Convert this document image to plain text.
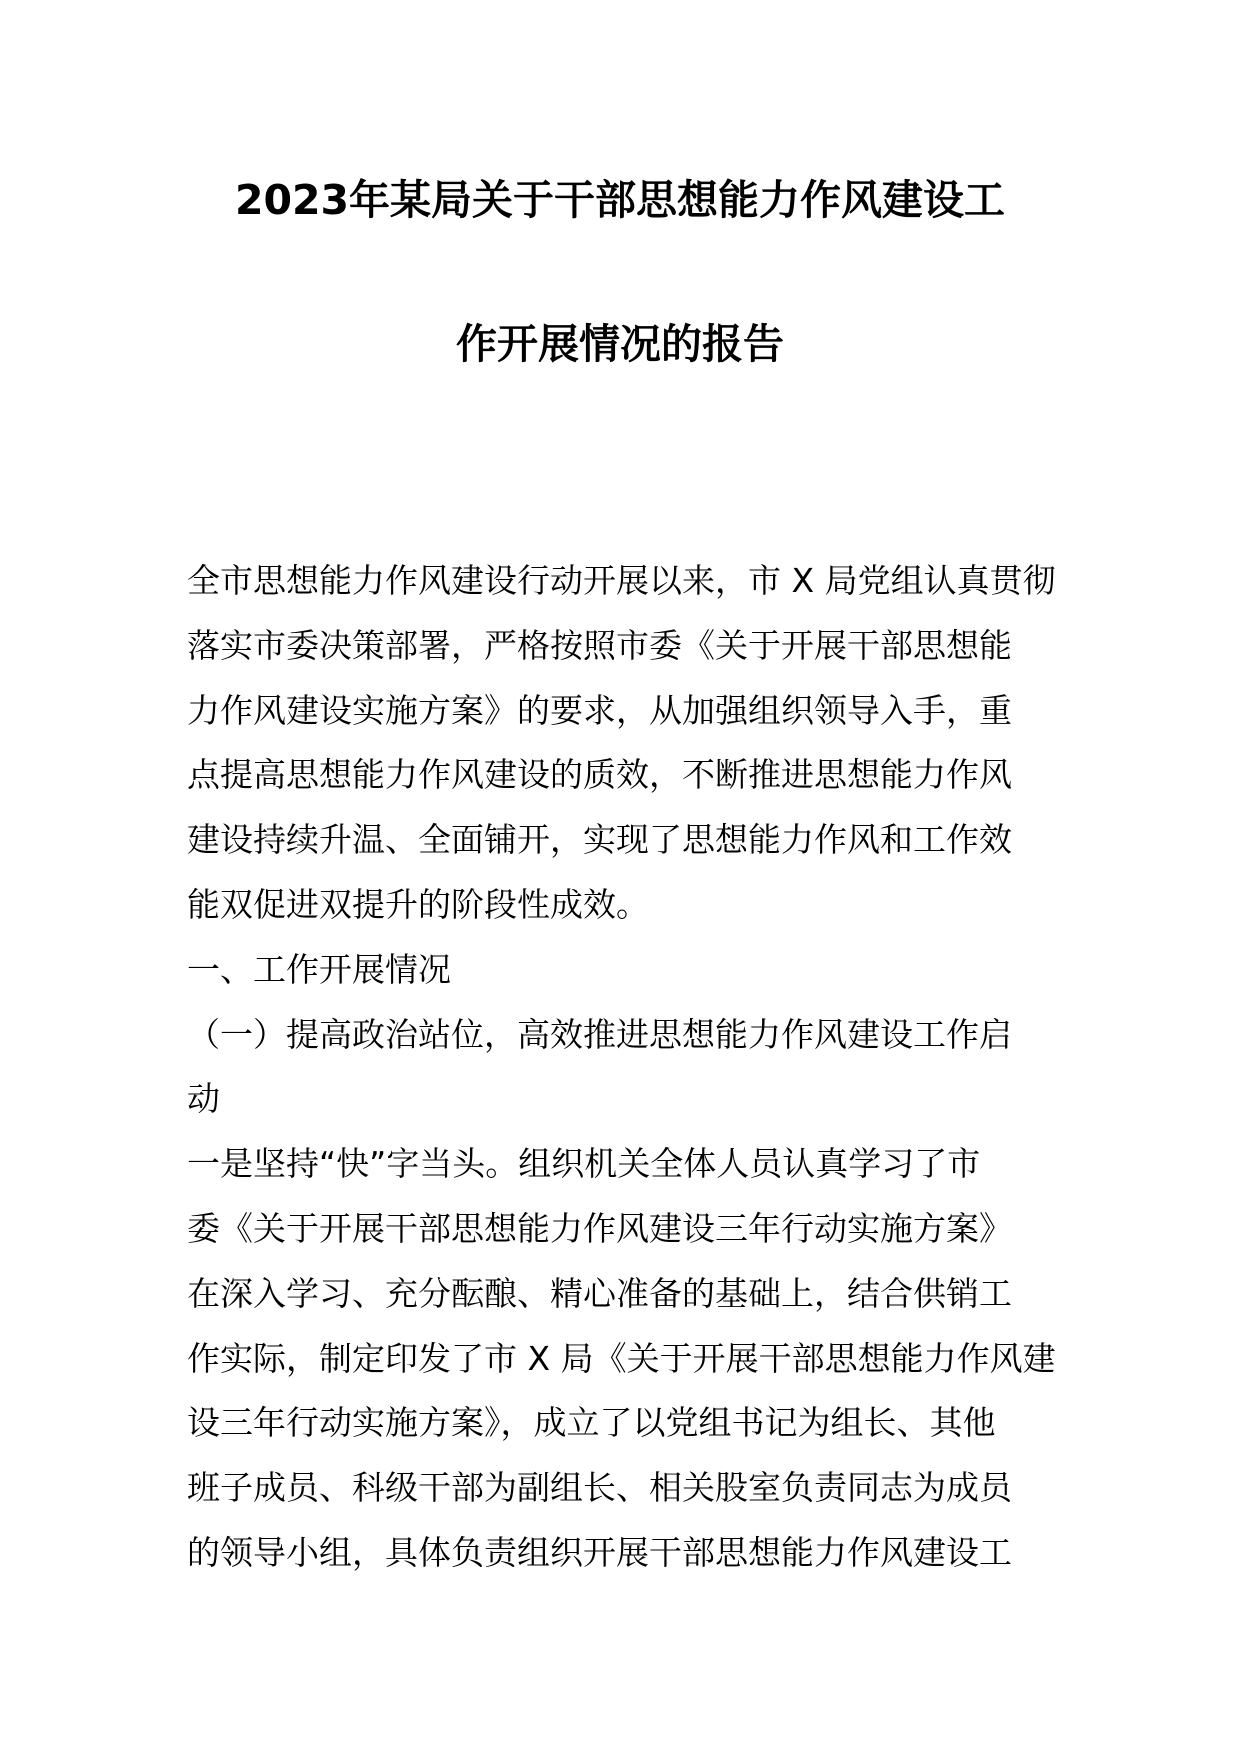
2023年某局关于干部思想能力作风建设工

作开展情况的报告

全市思想能力作风建设行动开展以来，市 X 局党组认真贯彻

落实市委决策部署，严格按照市委《关于开展干部思想能

力作风建设实施方案》的要求，从加强组织领导入手，重

点提高思想能力作风建设的质效，不断推进思想能力作风

建设持续升温、全面铺开，实现了思想能力作风和工作效

能双促进双提升的阶段性成效。

一、工作开展情况

（一）提高政治站位，高效推进思想能力作风建设工作启

动

一是坚持“快”字当头。组织机关全体人员认真学习了市

委《关于开展干部思想能力作风建设三年行动实施方案》

在深入学习、充分酝酿、精心准备的基础上，结合供销工

作实际，制定印发了市 X 局《关于开展干部思想能力作风建

设三年行动实施方案》，成立了以党组书记为组长、其他

班子成员、科级干部为副组长、相关股室负责同志为成员

的领导小组，具体负责组织开展干部思想能力作风建设工
